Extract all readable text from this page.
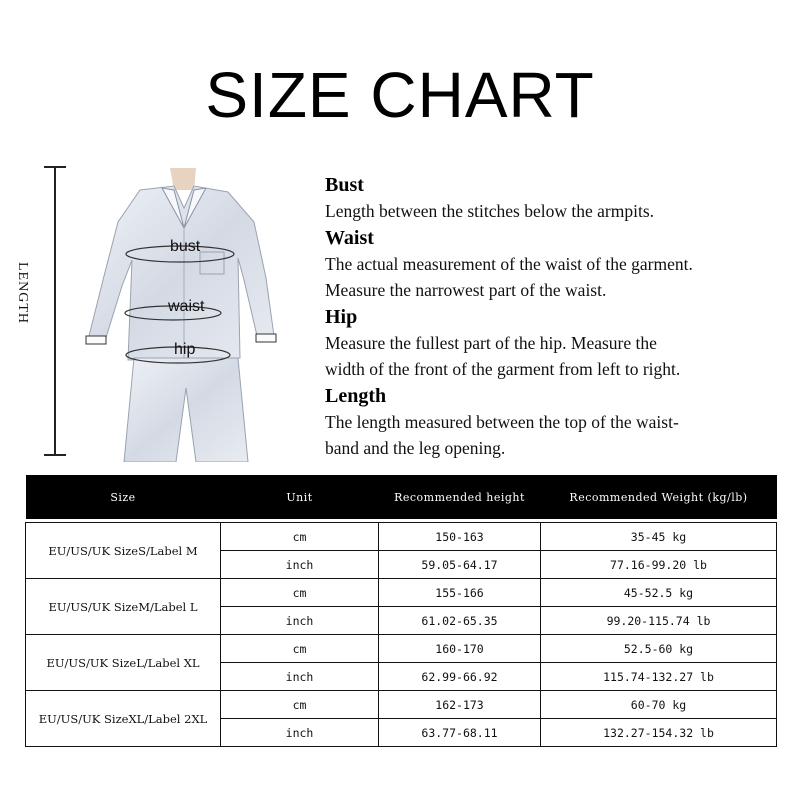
SIZE CHART
LENGTH
bust
waist
hip
Bust
Length between the stitches below the armpits.
Waist
The actual measurement of the waist of the garment.
Measure the narrowest part of the waist.
Hip
Measure the fullest part of the hip. Measure the
width of the front of the garment from left to right.
Length
The length measured between the top of the waist-
band and the leg opening.
Size	Unit	Recommended height	Recommended Weight (kg/lb)

EU/US/UK SizeS/Label M	cm	150-163	35-45 kg
	inch	59.05-64.17	77.16-99.20 lb
EU/US/UK SizeM/Label L	cm	155-166	45-52.5 kg
	inch	61.02-65.35	99.20-115.74 lb
EU/US/UK SizeL/Label XL	cm	160-170	52.5-60 kg
	inch	62.99-66.92	115.74-132.27 lb
EU/US/UK SizeXL/Label 2XL	cm	162-173	60-70 kg
	inch	63.77-68.11	132.27-154.32 lb
